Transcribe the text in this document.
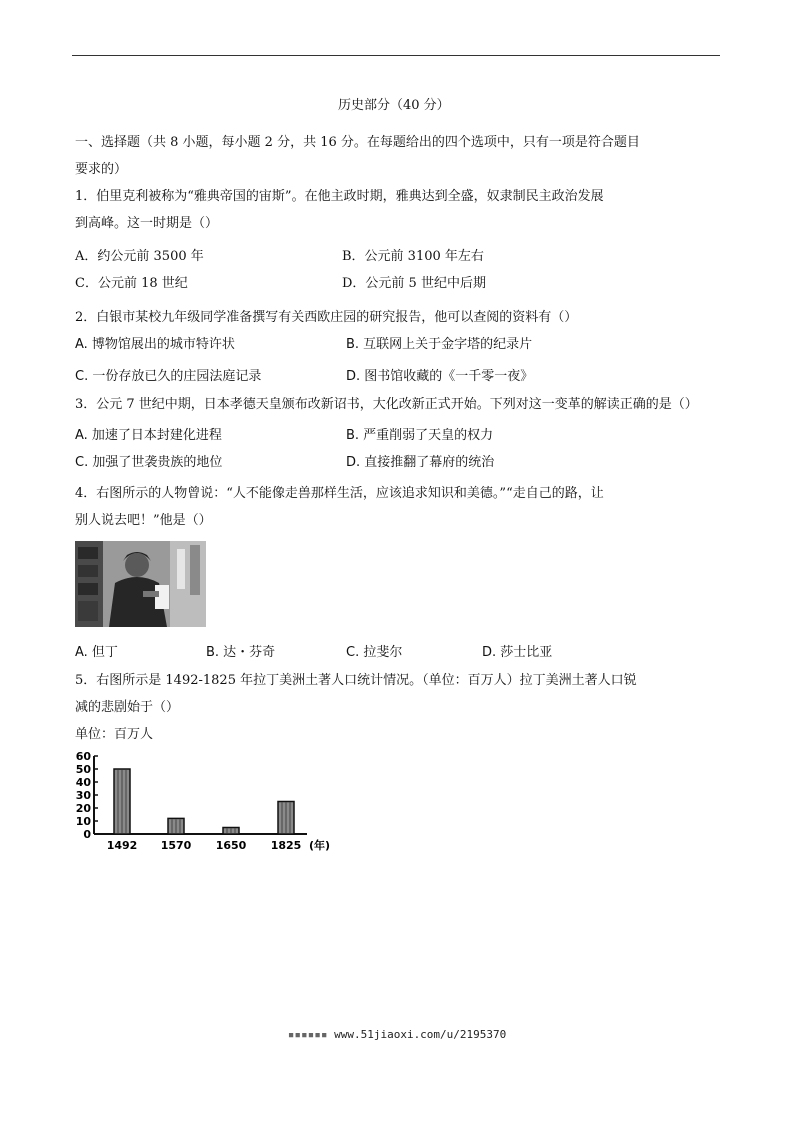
历史部分（40 分）
一、选择题（共 8 小题，每小题 2 分，共 16 分。在每题给出的四个选项中，只有一项是符合题目
要求的）
1．伯里克利被称为“雅典帝国的宙斯”。在他主政时期，雅典达到全盛，奴隶制民主政治发展
到高峰。这一时期是（）
A．约公元前 3500 年	B．公元前 3100 年左右
C．公元前 18 世纪	D．公元前 5 世纪中后期
2．白银市某校九年级同学准备撰写有关西欧庄园的研究报告，他可以查阅的资料有（）
A. 博物馆展出的城市特许状	B. 互联网上关于金字塔的纪录片
C. 一份存放已久的庄园法庭记录	D. 图书馆收藏的《一千零一夜》
3．公元 7 世纪中期，日本孝德天皇颁布改新诏书，大化改新正式开始。下列对这一变革的解读正确的是（）
A. 加速了日本封建化进程	B. 严重削弱了天皇的权力
C. 加强了世袭贵族的地位	D. 直接推翻了幕府的统治
4．右图所示的人物曾说：“人不能像走兽那样生活，应该追求知识和美德。”“走自己的路，让
别人说去吧！”他是（）
A. 但丁	B. 达・芬奇	C. 拉斐尔	D. 莎士比亚
5．右图所示是 1492-1825 年拉丁美洲土著人口统计情况。（单位：百万人）拉丁美洲土著人口锐
减的悲剧始于（）
单位：百万人
60
50
40
30
20
10
0
1492 1570 1650 1825 (年)
▪▪▪▪▪▪ www.51jiaoxi.com/u/2195370
